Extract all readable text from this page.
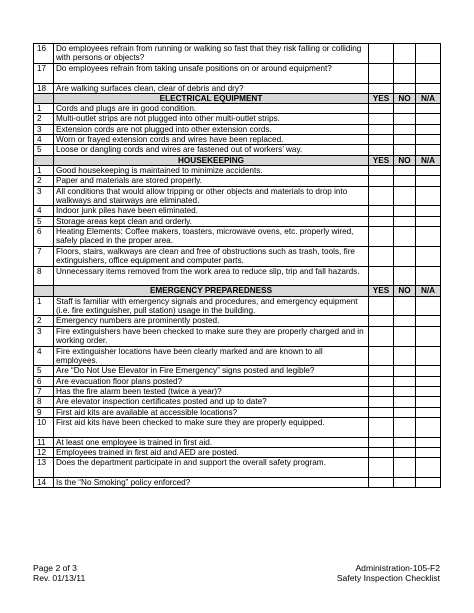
16	Do employees refrain from running or walking so fast that they risk falling or colliding with persons or objects?			
17	Do employees refrain from taking unsafe positions on or around equipment?			
18	Are walking surfaces clean, clear of debris and dry?			
	ELECTRICAL EQUIPMENT	YES	NO	N/A
1	Cords and plugs are in good condition.			
2	Multi-outlet strips are not plugged into other multi-outlet strips.			
3	Extension cords are not plugged into other extension cords.			
4	Worn or frayed extension cords and wires have been replaced.			
5	Loose or dangling cords and wires are fastened out of workers’ way.			
	HOUSEKEEPING	YES	NO	N/A
1	Good housekeeping is maintained to minimize accidents.			
2	Paper and materials are stored properly.			
3	All conditions that would allow tripping or other objects and materials to drop into walkways and stairways are eliminated.			
4	Indoor junk piles have been eliminated.			
5	Storage areas kept clean and orderly.			
6	Heating Elements: Coffee makers, toasters, microwave ovens, etc. properly wired, safely placed in the proper area.			
7	Floors, stairs, walkways are clean and free of obstructions such as trash, tools, fire extinguishers, office equipment and computer parts.			
8	Unnecessary items removed from the work area to reduce slip, trip and fall hazards.			
	EMERGENCY PREPAREDNESS	YES	NO	N/A
1	Staff is familiar with emergency signals and procedures, and emergency equipment (i.e. fire extinguisher, pull station) usage in the building.			
2	Emergency numbers are prominently posted.			
3	Fire extinguishers have been checked to make sure they are properly charged and in working order.			
4	Fire extinguisher locations have been clearly marked and are known to all employees.			
5	Are “Do Not Use Elevator in Fire Emergency” signs posted and legible?			
6	Are evacuation floor plans posted?			
7	Has the fire alarm been tested (twice a year)?			
8	Are elevator inspection certificates posted and up to date?			
9	First aid kits are available at accessible locations?			
10	First aid kits have been checked to make sure they are properly equipped.			
11	At least one employee is trained in first aid.			
12	Employees trained in first aid and AED are posted.			
13	Does the department participate in and support the overall safety program.			
14	Is the “No Smoking” policy enforced?			
Page 2 of 3
Rev. 01/13/11
Administration-105-F2
Safety Inspection Checklist
